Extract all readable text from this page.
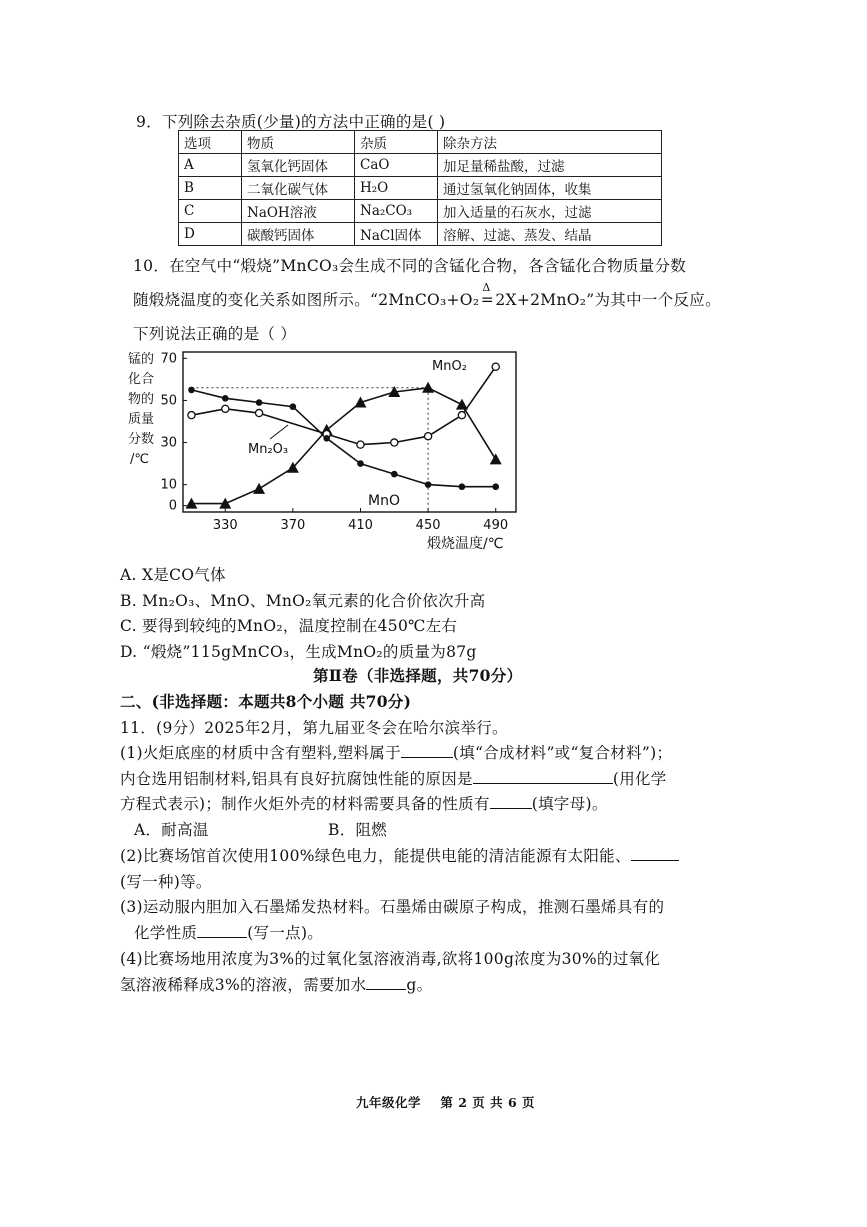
9．下列除去杂质(少量)的方法中正确的是( )
选项	物质	杂质	除杂方法
A	氢氧化钙固体	CaO	加足量稀盐酸，过滤
B	二氧化碳气体	H₂O	通过氢氧化钠固体，收集
C	NaOH溶液	Na₂CO₃	加入适量的石灰水，过滤
D	碳酸钙固体	NaCl固体	溶解、过滤、蒸发、结晶
10．在空气中“煅烧”MnCO₃会生成不同的含锰化合物，各含锰化合物质量分数
随煅烧温度的变化关系如图所示。“2MnCO₃+O₂
Δ
=2X+2MnO₂”为其中一个反应。
下列说法正确的是（ ）
锰的
化合
物的
质量
分数
/℃
0
10
30
50
70
330	370	410	450	490
煅烧温度/℃
MnO₂
Mn₂O₃
MnO
A. X是CO气体
B. Mn₂O₃、MnO、MnO₂氧元素的化合价依次升高
C. 要得到较纯的MnO₂，温度控制在450℃左右
D. “煅烧”115gMnCO₃，生成MnO₂的质量为87g
第Ⅱ卷（非选择题，共70分）
二、(非选择题：本题共8个小题 共70分)
11．(9分）2025年2月，第九届亚冬会在哈尔滨举行。
(1)火炬底座的材质中含有塑料,塑料属于	(填“合成材料”或“复合材料”)；
内仓选用铝制材料,铝具有良好抗腐蚀性能的原因是	(用化学
方程式表示)；制作火炬外壳的材料需要具备的性质有	(填字母)。
A．耐高温	B．阻燃
(2)比赛场馆首次使用100%绿色电力，能提供电能的清洁能源有太阳能、
(写一种)等。
(3)运动服内胆加入石墨烯发热材料。石墨烯由碳原子构成，推测石墨烯具有的
化学性质	(写一点)。
(4)比赛场地用浓度为3%的过氧化氢溶液消毒,欲将100g浓度为30%的过氧化
氢溶液稀释成3%的溶液，需要加水	g。
九年级化学    第 2 页 共 6 页
